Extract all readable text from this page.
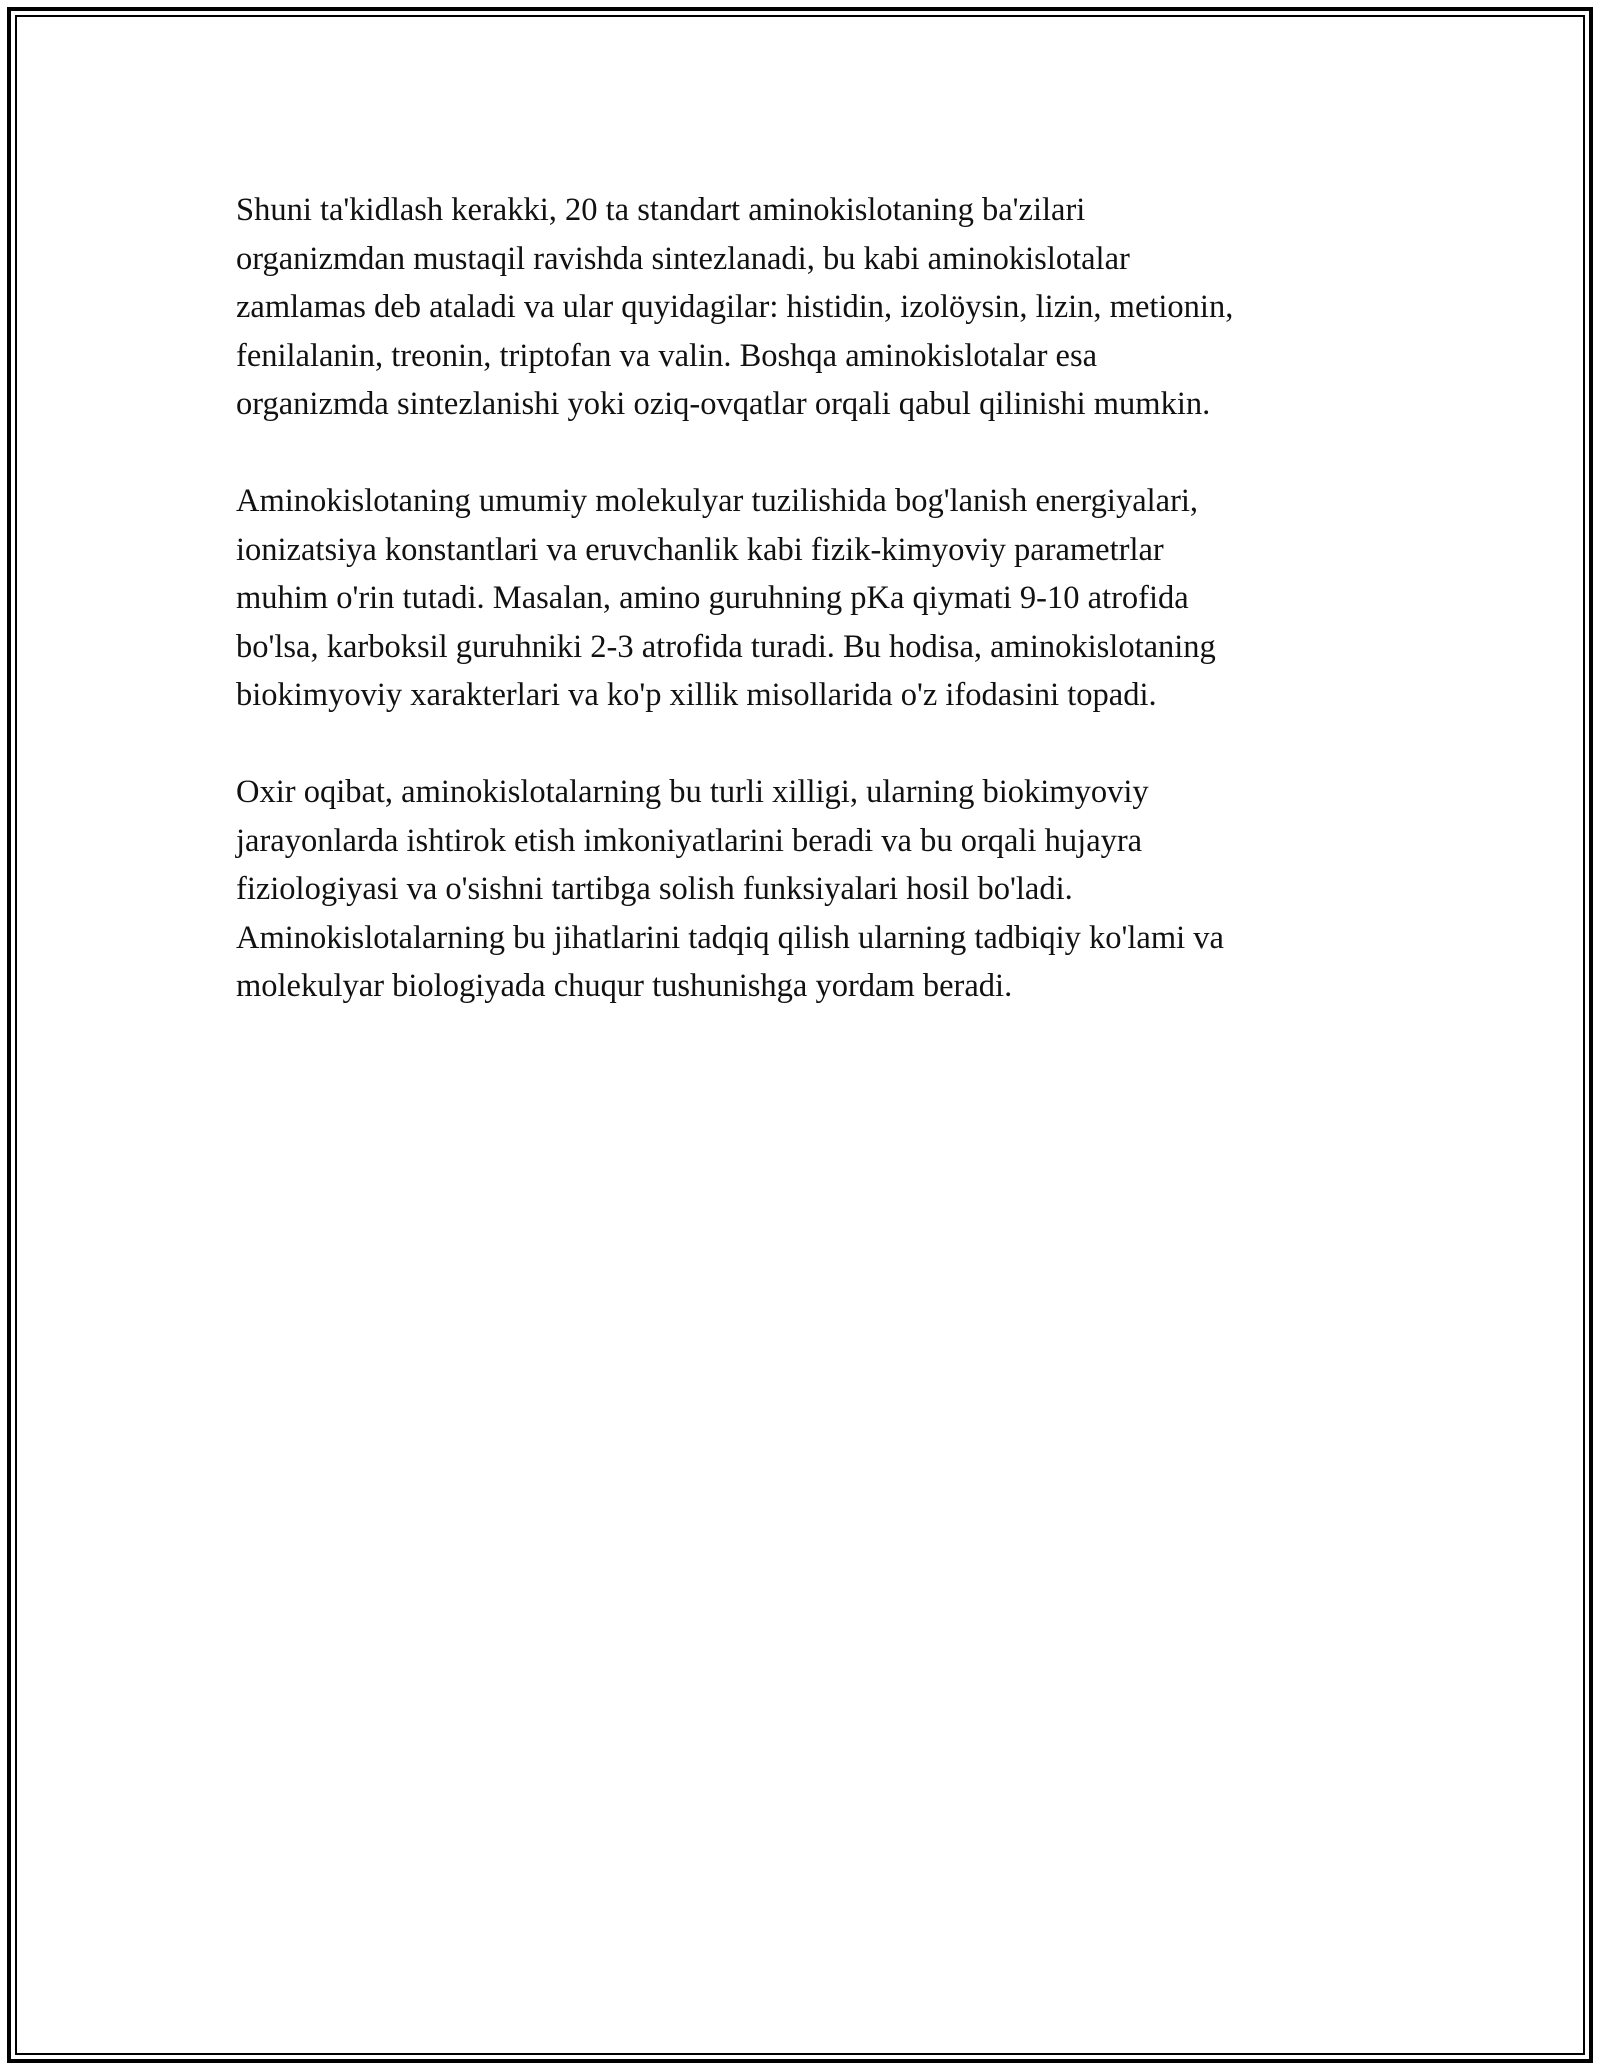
Shuni ta'kidlash kerakki, 20 ta standart aminokislotaning ba'zilari
organizmdan mustaqil ravishda sintezlanadi, bu kabi aminokislotalar
zamlamas deb ataladi va ular quyidagilar: histidin, izolöysin, lizin, metionin,
fenilalanin, treonin, triptofan va valin. Boshqa aminokislotalar esa
organizmda sintezlanishi yoki oziq-ovqatlar orqali qabul qilinishi mumkin.

Aminokislotaning umumiy molekulyar tuzilishida bog'lanish energiyalari,
ionizatsiya konstantlari va eruvchanlik kabi fizik-kimyoviy parametrlar
muhim o'rin tutadi. Masalan, amino guruhning pKa qiymati 9-10 atrofida
bo'lsa, karboksil guruhniki 2-3 atrofida turadi. Bu hodisa, aminokislotaning
biokimyoviy xarakterlari va ko'p xillik misollarida o'z ifodasini topadi.

Oxir oqibat, aminokislotalarning bu turli xilligi, ularning biokimyoviy
jarayonlarda ishtirok etish imkoniyatlarini beradi va bu orqali hujayra
fiziologiyasi va o'sishni tartibga solish funksiyalari hosil bo'ladi.
Aminokislotalarning bu jihatlarini tadqiq qilish ularning tadbiqiy ko'lami va
molekulyar biologiyada chuqur tushunishga yordam beradi.
